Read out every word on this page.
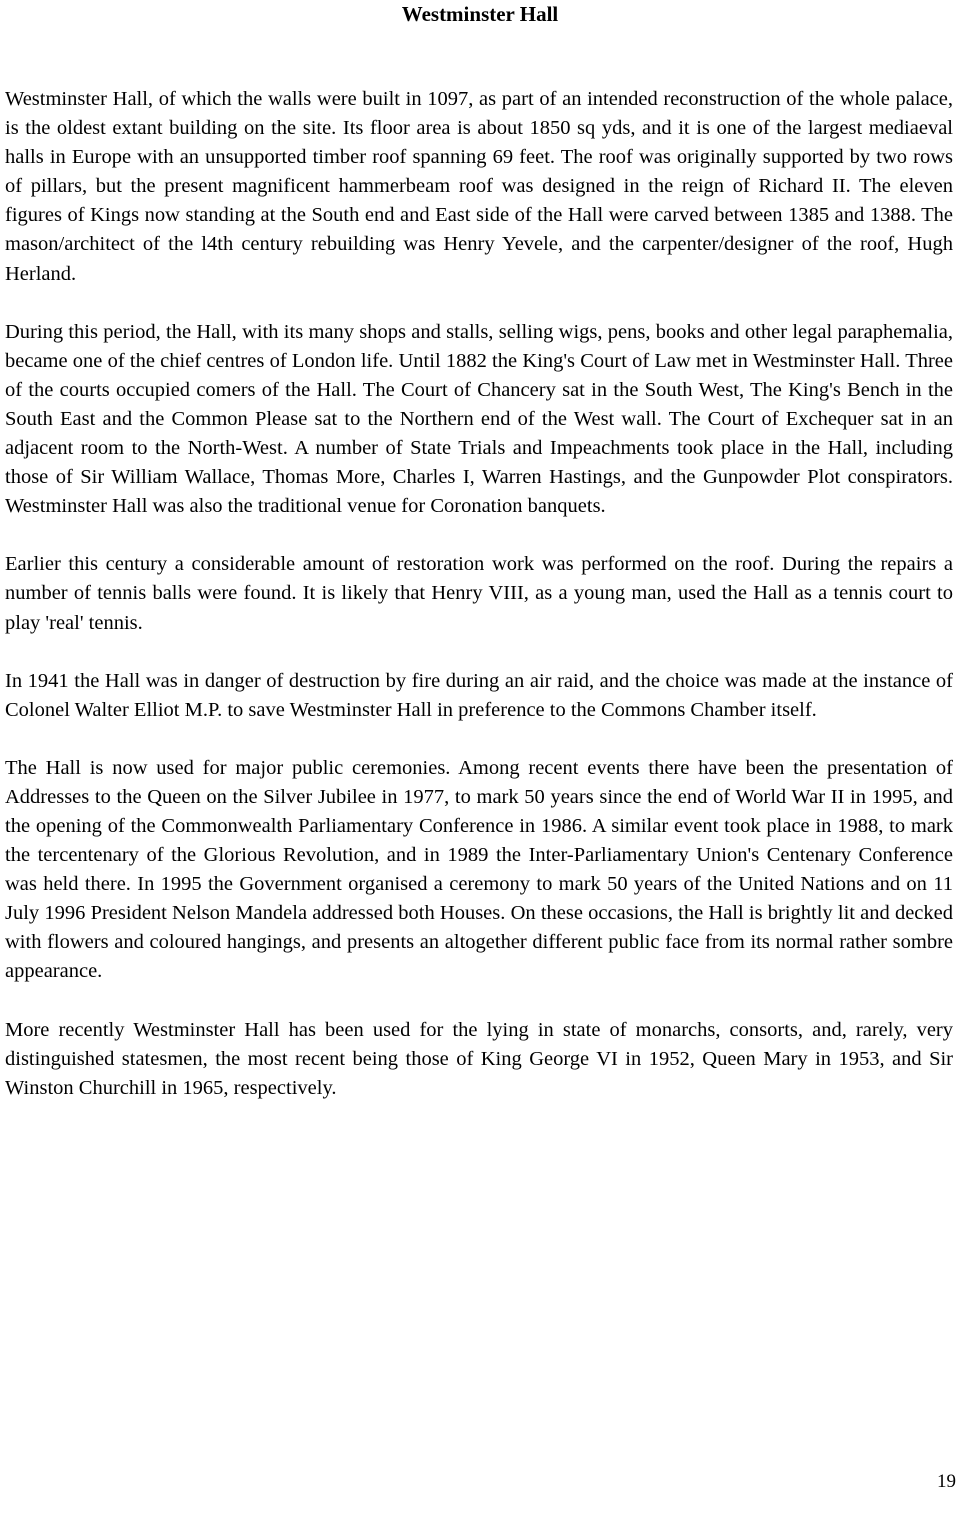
Westminster Hall

Westminster Hall, of which the walls were built in 1097, as part of an intended reconstruction of the whole palace, is the oldest extant building on the site. Its floor area is about 1850 sq yds, and it is one of the largest mediaeval halls in Europe with an unsupported timber roof spanning 69 feet. The roof was originally supported by two rows of pillars, but the present magnificent hammerbeam roof was designed in the reign of Richard II. The eleven figures of Kings now standing at the South end and East side of the Hall were carved between 1385 and 1388. The mason/architect of the l4th century rebuilding was Henry Yevele, and the carpenter/designer of the roof, Hugh Herland.

During this period, the Hall, with its many shops and stalls, selling wigs, pens, books and other legal paraphemalia, became one of the chief centres of London life. Until 1882 the King's Court of Law met in Westminster Hall. Three of the courts occupied comers of the Hall. The Court of Chancery sat in the South West, The King's Bench in the South East and the Common Please sat to the Northern end of the West wall. The Court of Exchequer sat in an adjacent room to the North-West. A number of State Trials and Impeachments took place in the Hall, including those of Sir William Wallace, Thomas More, Charles I, Warren Hastings, and the Gunpowder Plot conspirators. Westminster Hall was also the traditional venue for Coronation banquets.

Earlier this century a considerable amount of restoration work was performed on the roof. During the repairs a number of tennis balls were found. It is likely that Henry VIII, as a young man, used the Hall as a tennis court to play 'real' tennis.

In 1941 the Hall was in danger of destruction by fire during an air raid, and the choice was made at the instance of Colonel Walter Elliot M.P. to save Westminster Hall in preference to the Commons Chamber itself.

The Hall is now used for major public ceremonies. Among recent events there have been the presentation of Addresses to the Queen on the Silver Jubilee in 1977, to mark 50 years since the end of World War II in 1995, and the opening of the Commonwealth Parliamentary Conference in 1986. A similar event took place in 1988, to mark the tercentenary of the Glorious Revolution, and in 1989 the Inter-Parliamentary Union's Centenary Conference was held there. In 1995 the Government organised a ceremony to mark 50 years of the United Nations and on 11 July 1996 President Nelson Mandela addressed both Houses. On these occasions, the Hall is brightly lit and decked with flowers and coloured hangings, and presents an altogether different public face from its normal rather sombre appearance.

More recently Westminster Hall has been used for the lying in state of monarchs, consorts, and, rarely, very distinguished statesmen, the most recent being those of King George VI in 1952, Queen Mary in 1953, and Sir Winston Churchill in 1965, respectively.

19
